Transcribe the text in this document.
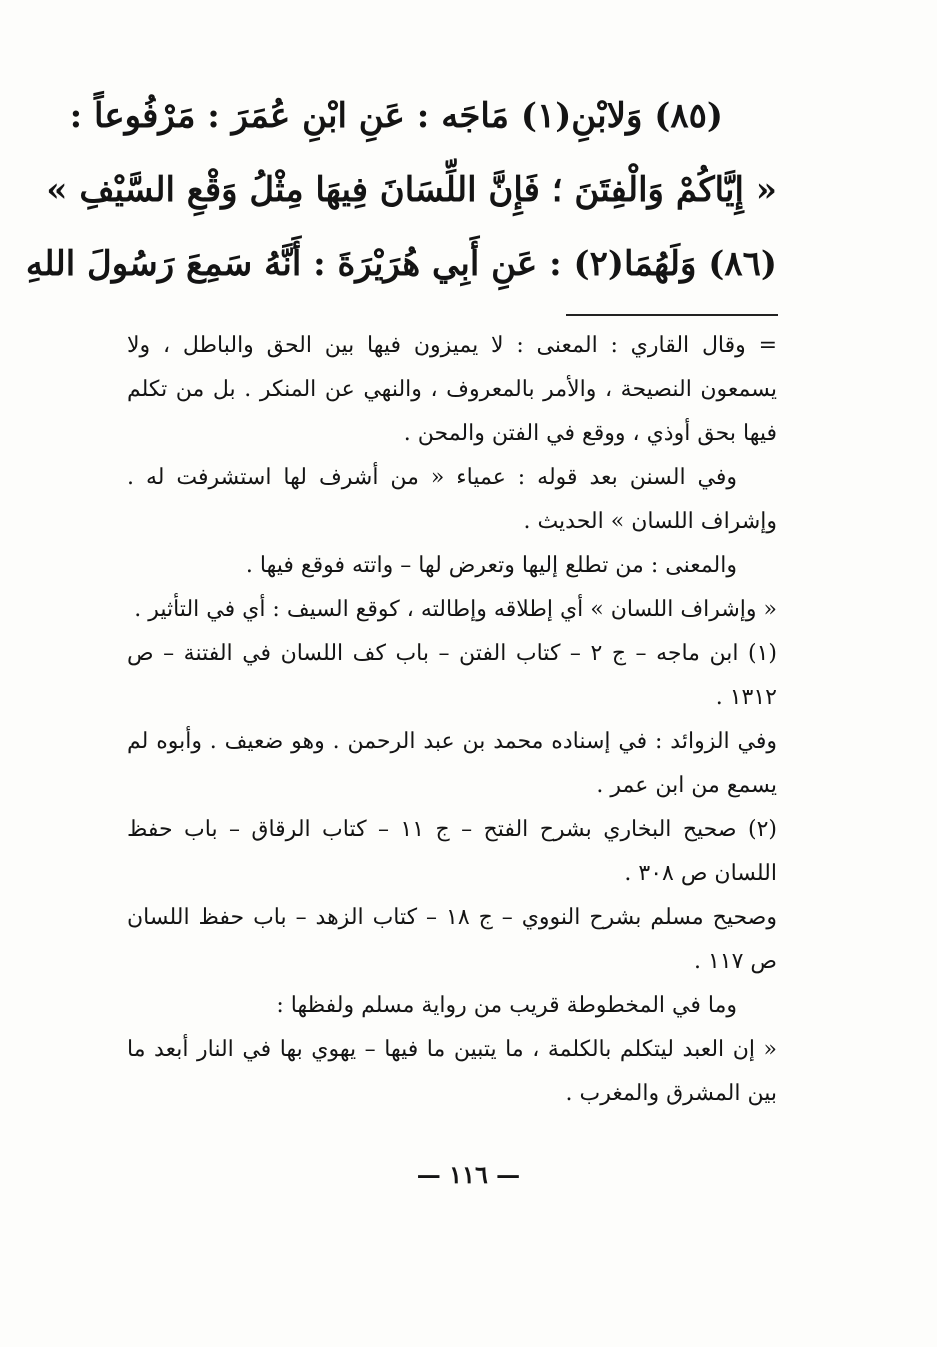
(٨٥) وَلابْنِ(١) مَاجَه : عَنِ ابْنِ عُمَرَ : مَرْفُوعاً :
« إِيَّاكُمْ وَالْفِتَنَ ؛ فَإِنَّ اللِّسَانَ فِيهَا مِثْلُ وَقْعِ السَّيْفِ »
(٨٦) وَلَهُمَا(٢) : عَنِ أَبِي هُرَيْرَةَ : أَنَّهُ سَمِعَ رَسُولَ اللهِ

= وقال القاري : المعنى : لا يميزون فيها بين الحق والباطل ، ولا يسمعون النصيحة ، والأمر بالمعروف ، والنهي عن المنكر . بل من تكلم فيها بحق أوذي ، ووقع في الفتن والمحن .

وفي السنن بعد قوله : عمياء « من أشرف لها استشرفت له . وإشراف اللسان » الحديث .

والمعنى : من تطلع إليها وتعرض لها – واتته فوقع فيها .

« وإشراف اللسان » أي إطلاقه وإطالته ، كوقع السيف : أي في التأثير .

(١) ابن ماجه – ج ٢ – كتاب الفتن – باب كف اللسان في الفتنة – ص ١٣١٢ .

وفي الزوائد : في إسناده محمد بن عبد الرحمن . وهو ضعيف . وأبوه لم يسمع من ابن عمر .

(٢) صحيح البخاري بشرح الفتح – ج ١١ – كتاب الرقاق – باب حفظ اللسان ص ٣٠٨ .

وصحيح مسلم بشرح النووي – ج ١٨ – كتاب الزهد – باب حفظ اللسان ص ١١٧ .

وما في المخطوطة قريب من رواية مسلم ولفظها :

« إن العبد ليتكلم بالكلمة ، ما يتبين ما فيها – يهوي بها في النار أبعد ما بين المشرق والمغرب .

— ١١٦ —
